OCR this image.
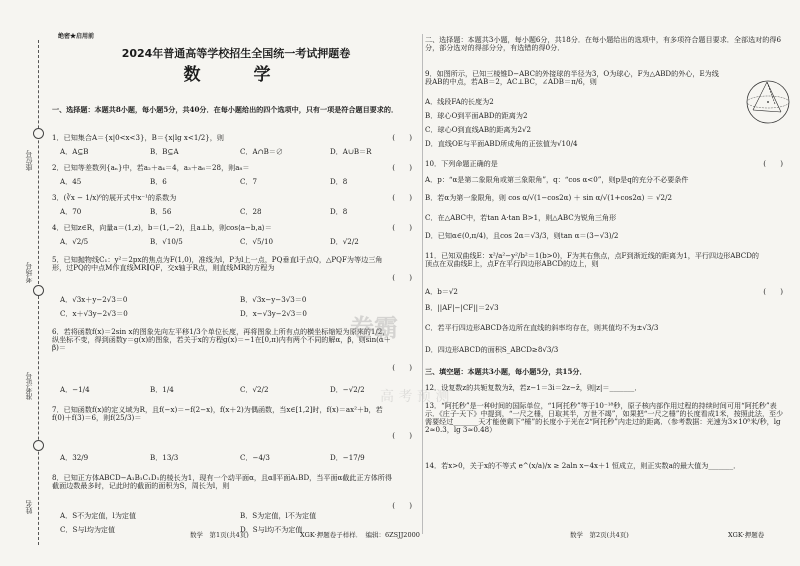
座位号
考场号
准考证号
姓名
绝密★启用前
2024年普通高等学校招生全国统一考试押题卷
数　学
一、选择题：本题共8小题，每小题5分，共40分．在每小题给出的四个选项中，只有一项是符合题目要求的．
1．已知集合A＝{x|0<x<3}，B＝{x|lg x<1/2}，则	(　　)
A．A⊆B	B．B⊆A	C．A∩B＝∅	D．A∪B＝R
2．已知等差数列{aₙ}中，若a₂＋a₄＝4，a₃＋a₆＝28，则a₈＝	(　　)
A．45	B．6	C．7	D．8
3．(∛x − 1/x)⁶的展开式中x⁻¹的系数为	(　　)
A．70	B．56	C．28	D．8
4．已知z∈R，向量a＝(1,z)，b＝(1,−2)，且a⊥b，则cos⟨a−b,a⟩＝	(　　)
A．√2/5	B．√10/5	C．√5/10	D．√2/2
5．已知抛物线C₁：y²＝2px的焦点为F(1,0)，准线为l，P为l上一点，PQ垂直l于点Q，△PQF为等边三角形，过PQ的中点M作直线MR∥QF，交x轴于R点，则直线MR的方程为
(　　)
A．√3x＋y−2√3＝0	B．√3x−y−3√3＝0
C．x＋√3y−2√3＝0	D．x−√3y−2√3＝0
6．若将函数f(x)＝2sin x的图象先向左平移1/3个单位长度，再将图象上所有点的横坐标缩短为原来的1/2，纵坐标不变，得到函数y＝g(x)的图象，若关于x的方程g(x)＝−1在[0,π)内有两个不同的解α，β，则sin(α＋β)＝
(　　)
A．−1/4	B．1/4	C．√2/2	D．−√2/2
7．已知函数f(x)的定义域为R，且f(−x)＝−f(2−x)，f(x＋2)为偶函数，当x∈[1,2]时，f(x)＝ax²＋b，若f(0)＋f(3)＝6，则f(25/3)＝
(　　)
A．32/9	B．13/3	C．−4/3	D．−17/9
8．已知正方体ABCD−A₁B₁C₁D₁的棱长为1，现有一个动平面α，且α∥平面A₁BD，当平面α截此正方体所得截面边数最多时，记此时的截面的面积为S，周长为l，则
(　　)
A．S不为定值，l为定值	B．S为定值，l不为定值
C．S与l均为定值	D．S与l均不为定值
二、选择题：本题共3小题，每小题6分，共18分．在每小题给出的选项中，有多项符合题目要求．全部选对的得6分，部分选对的得部分分，有选错的得0分．
9．如图所示，已知三棱锥D−ABC的外接球的半径为3，O为球心，F为△ABD的外心，E为线段AB的中点，若AB＝2，AC⊥BC，∠ADB＝π/6，则
A．线段FA的长度为2
B．球心O到平面ABD的距离为2
C．球心O到直线AB的距离为2√2
D．直线OE与平面ABD所成角的正弦值为√10/4
10．下列命题正确的是	(　　)
A．p：“α是第二象限角或第三象限角”，q：“cos α<0”，则p是q的充分不必要条件
B．若α为第一象限角，则 cos α/√(1−cos2α) ＋ sin α/√(1+cos2α) ＝ √2/2
C．在△ABC中，若tan A·tan B>1，则△ABC为锐角三角形
D．已知α∈(0,π/4)，且cos 2α＝√3/3，则tan α＝(3−√3)/2
11．已知双曲线E：x²/a²−y²/b²＝1(b>0)，F为其右焦点，点F到渐近线的距离为1，平行四边形ABCD的顶点在双曲线E上，点F在平行四边形ABCD的边上，则
A．b＝√2	(　　)
B．||AF|−|CF||＝2√3
C．若平行四边形ABCD各边所在直线的斜率均存在，则其值均不为±√3/3
D．四边形ABCD的面积S_ABCD≥8√3/3
三、填空题：本题共3小题，每小题5分，共15分．
12．设复数z的共轭复数为z̄，若z−1＝3i＝2z−z̄，则|z|＝_______．
13．“阿托秒”是一种时间的国际单位，“1阿托秒”等于10⁻¹⁸秒，原子核内部作用过程的持续时间可用“阿托秒”表示．《庄子·天下》中提到，“一尺之棰，日取其半，万世不竭”，如果把“一尺之棰”的长度看成1米，按照此法，至少需要经过_______天才能使剩下“棰”的长度小于光在2“阿托秒”内走过的距离．（参考数据：光速为3×10⁸米/秒，lg 2≈0.3，lg 3≈0.48）
14．若x>0，关于x的不等式 e^(x/a)/x ≥ 2aln x−4x＋1 恒成立，则正实数a的最大值为_______．
卷霸
高 考 预 测
数学　第1页(共4页)	XGK·押题卷子样样．　编辑：6ZSJJ2000	数学　第2页(共4页)	XGK·押题卷
